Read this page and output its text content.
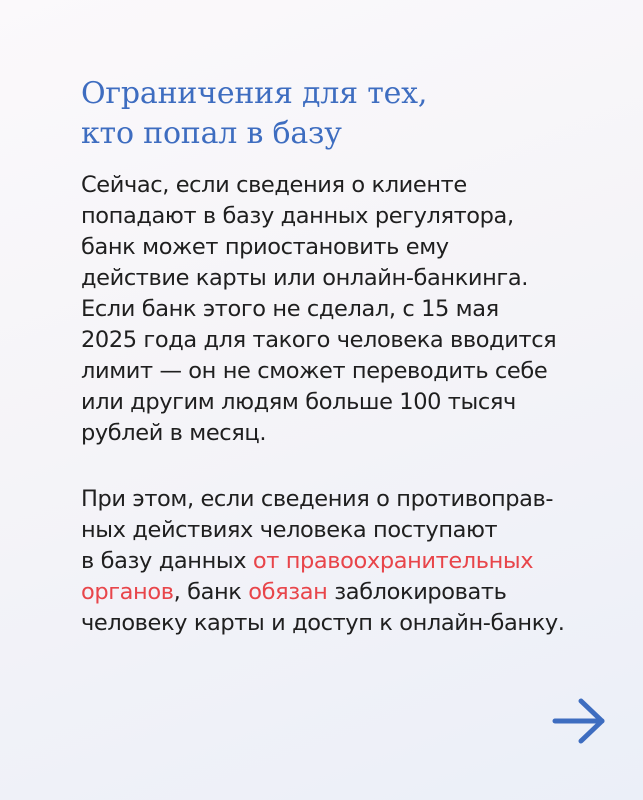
Ограничения для тех,
кто попал в базу
Сейчас, если сведения о клиенте
попадают в базу данных регулятора,
банк может приостановить ему
действие карты или онлайн-банкинга.
Если банк этого не сделал, с 15 мая
2025 года для такого человека вводится
лимит — он не сможет переводить себе
или другим людям больше 100 тысяч
рублей в месяц.
При этом, если сведения о противоправ-
ных действиях человека поступают
в базу данных от правоохранительных
органов, банк обязан заблокировать
человеку карты и доступ к онлайн-банку.
